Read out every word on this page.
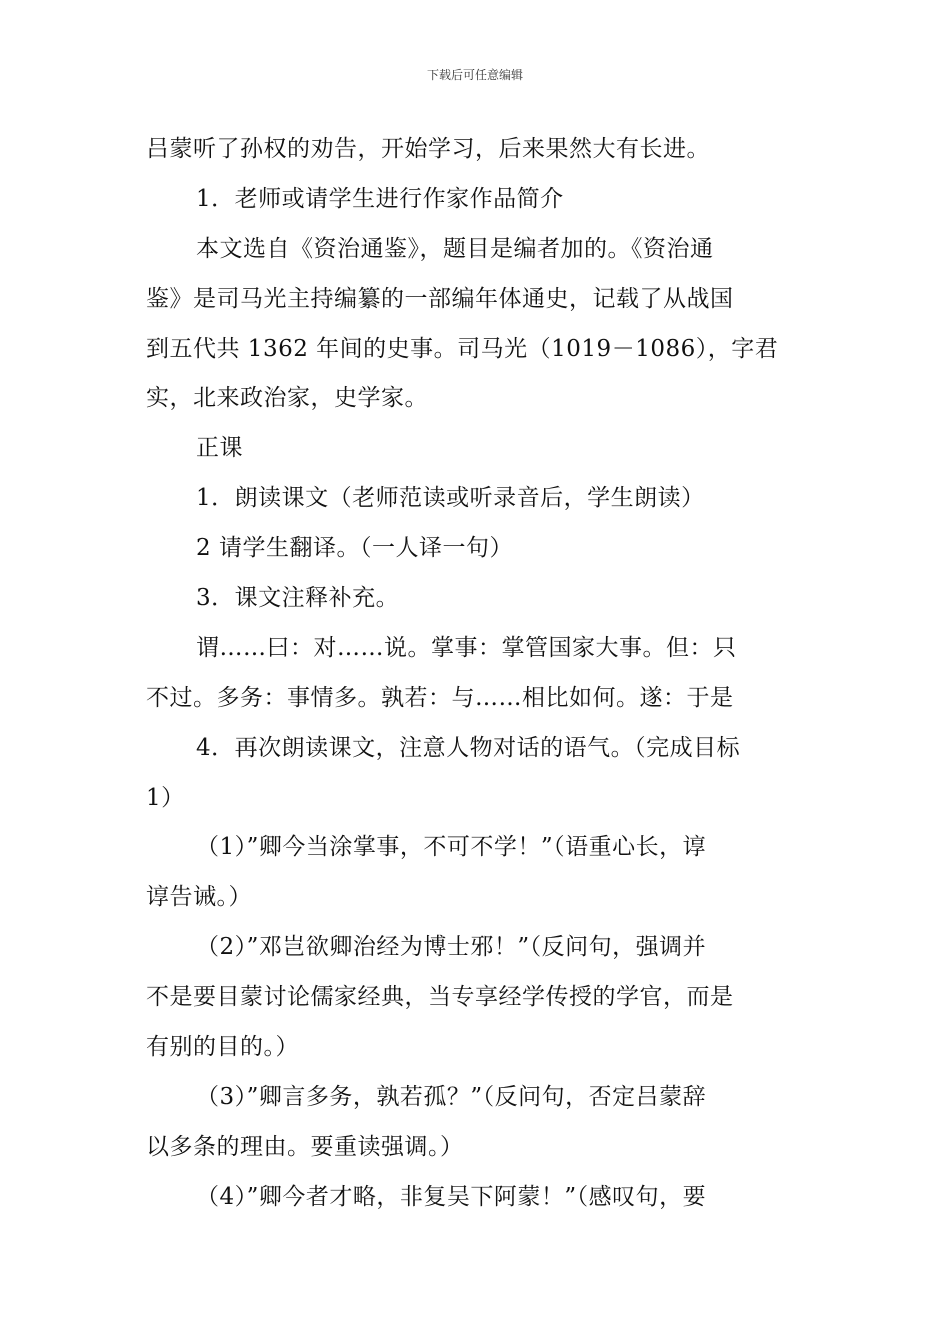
下载后可任意编辑
吕蒙听了孙权的劝告，开始学习，后来果然大有长进。
1．老师或请学生进行作家作品简介
本文选自《资治通鉴》，题目是编者加的。《资治通
鉴》是司马光主持编纂的一部编年体通史，记载了从战国
到五代共 1362 年间的史事。司马光（1019－1086），字君
实，北来政治家，史学家。
正课
1．朗读课文（老师范读或听录音后，学生朗读）
2 请学生翻译。（一人译一句）
3．课文注释补充。
谓……曰：对……说。掌事：掌管国家大事。但：只
不过。多务：事情多。孰若：与……相比如何。遂：于是
4．再次朗读课文，注意人物对话的语气。（完成目标
1）
（1）”卿今当涂掌事，不可不学！”（语重心长，谆
谆告诫。）
（2）”邓岂欲卿治经为博士邪！”（反问句，强调并
不是要目蒙讨论儒家经典，当专享经学传授的学官，而是
有别的目的。）
（3）”卿言多务，孰若孤？”（反问句，否定吕蒙辞
以多条的理由。要重读强调。）
（4）”卿今者才略，非复吴下阿蒙！”（感叹句，要
